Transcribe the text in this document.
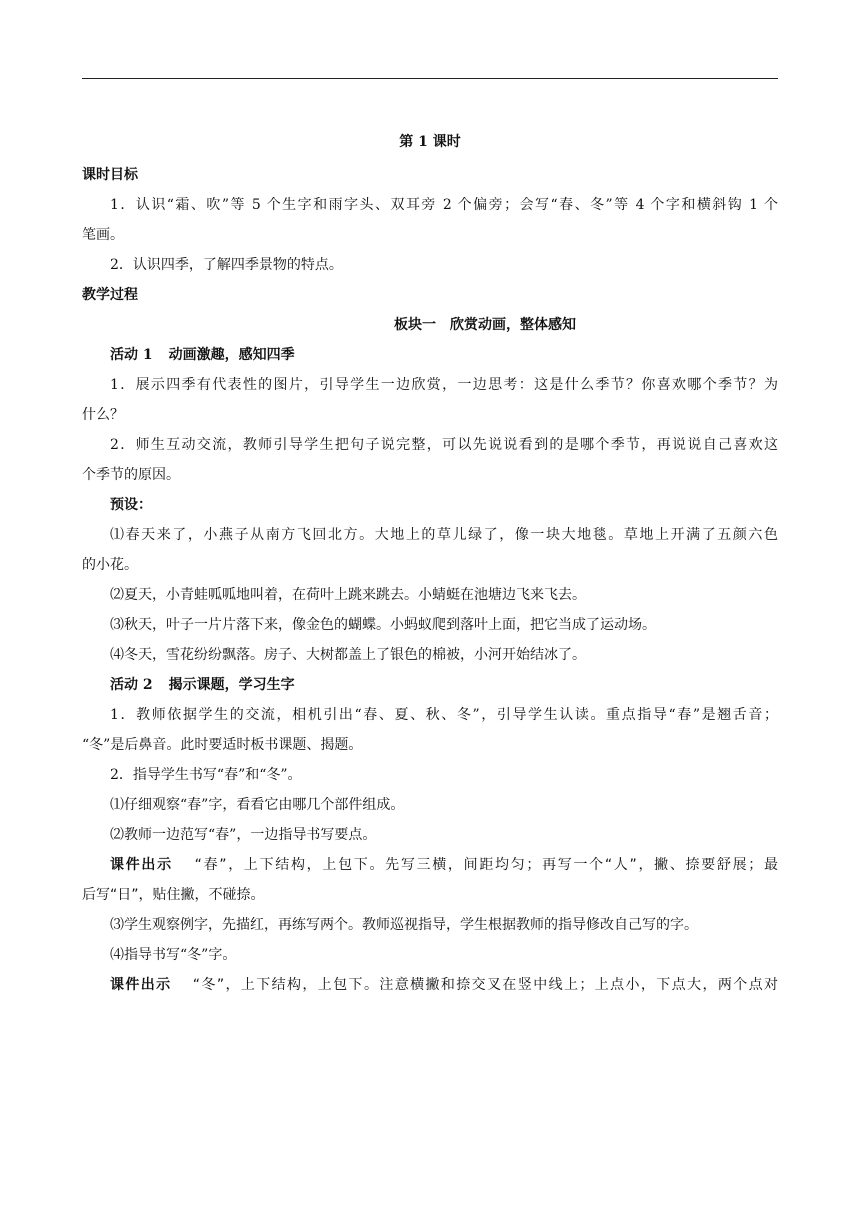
第 1 课时
课时目标
1．认识“霜、吹”等 5 个生字和雨字头、双耳旁 2 个偏旁；会写“春、冬”等 4 个字和横斜钩 1 个
笔画。
2．认识四季，了解四季景物的特点。
教学过程
板块一　欣赏动画，整体感知
活动 1 动画激趣，感知四季
1．展示四季有代表性的图片，引导学生一边欣赏，一边思考：这是什么季节？你喜欢哪个季节？为
什么？
2．师生互动交流，教师引导学生把句子说完整，可以先说说看到的是哪个季节，再说说自己喜欢这
个季节的原因。
预设：
⑴春天来了，小燕子从南方飞回北方。大地上的草儿绿了，像一块大地毯。草地上开满了五颜六色
的小花。
⑵夏天，小青蛙呱呱地叫着，在荷叶上跳来跳去。小蜻蜓在池塘边飞来飞去。
⑶秋天，叶子一片片落下来，像金色的蝴蝶。小蚂蚁爬到落叶上面，把它当成了运动场。
⑷冬天，雪花纷纷飘落。房子、大树都盖上了银色的棉被，小河开始结冰了。
活动 2 揭示课题，学习生字
1．教师依据学生的交流，相机引出“春、夏、秋、冬”，引导学生认读。重点指导“春”是翘舌音；
“冬”是后鼻音。此时要适时板书课题、揭题。
2．指导学生书写“春”和“冬”。
⑴仔细观察“春”字，看看它由哪几个部件组成。
⑵教师一边范写“春”，一边指导书写要点。
课件出示　 “春”，上下结构，上包下。先写三横，间距均匀；再写一个“人”，撇、捺要舒展；最
后写“日”，贴住撇，不碰捺。
⑶学生观察例字，先描红，再练写两个。教师巡视指导，学生根据教师的指导修改自己写的字。
⑷指导书写“冬”字。
课件出示　 “冬”，上下结构，上包下。注意横撇和捺交叉在竖中线上；上点小，下点大，两个点对
